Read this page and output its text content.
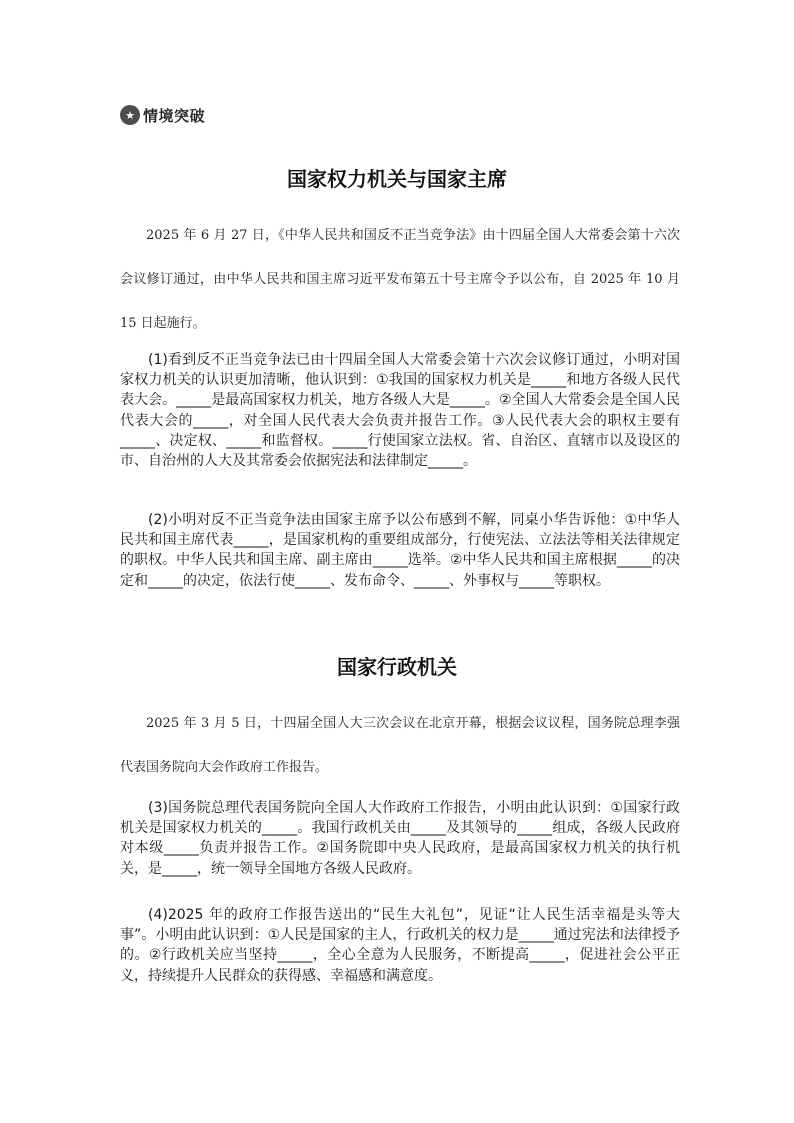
★ 情境突破
国家权力机关与国家主席

2025 年 6 月 27 日，《中华人民共和国反不正当竞争法》由十四届全国人大常委会第十六次会议修订通过，由中华人民共和国主席习近平发布第五十号主席令予以公布，自 2025 年 10 月 15 日起施行。

(1)看到反不正当竞争法已由十四届全国人大常委会第十六次会议修订通过，小明对国家权力机关的认识更加清晰，他认识到：①我国的国家权力机关是_____和地方各级人民代表大会。_____是最高国家权力机关，地方各级人大是_____。②全国人大常委会是全国人民代表大会的_____，对全国人民代表大会负责并报告工作。③人民代表大会的职权主要有_____、决定权、_____和监督权。_____行使国家立法权。省、自治区、直辖市以及设区的市、自治州的人大及其常委会依据宪法和法律制定_____。

(2)小明对反不正当竞争法由国家主席予以公布感到不解，同桌小华告诉他：①中华人民共和国主席代表_____，是国家机构的重要组成部分，行使宪法、立法法等相关法律规定的职权。中华人民共和国主席、副主席由_____选举。②中华人民共和国主席根据_____的决定和_____的决定，依法行使_____、发布命令、_____、外事权与_____等职权。

国家行政机关

2025 年 3 月 5 日，十四届全国人大三次会议在北京开幕，根据会议议程，国务院总理李强代表国务院向大会作政府工作报告。

(3)国务院总理代表国务院向全国人大作政府工作报告，小明由此认识到：①国家行政机关是国家权力机关的_____。我国行政机关由_____及其领导的_____组成，各级人民政府对本级_____负责并报告工作。②国务院即中央人民政府，是最高国家权力机关的执行机关，是_____，统一领导全国地方各级人民政府。

(4)2025 年的政府工作报告送出的“民生大礼包”，见证“让人民生活幸福是头等大事”。小明由此认识到：①人民是国家的主人，行政机关的权力是_____通过宪法和法律授予的。②行政机关应当坚持_____，全心全意为人民服务，不断提高_____，促进社会公平正义，持续提升人民群众的获得感、幸福感和满意度。
